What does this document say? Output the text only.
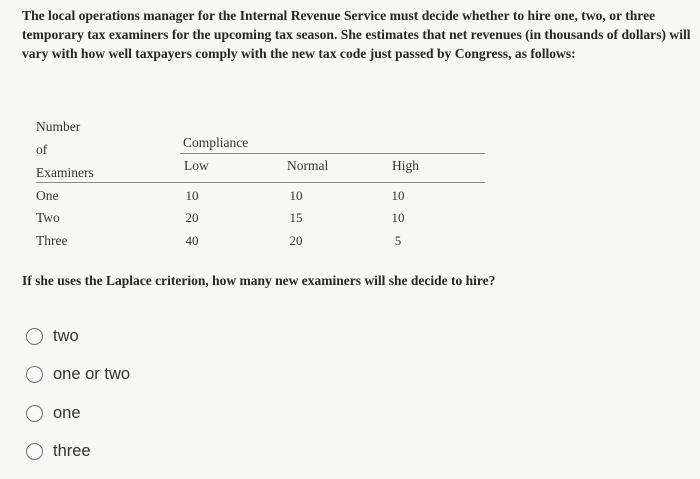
The local operations manager for the Internal Revenue Service must decide whether to hire one, two, or three temporary tax examiners for the upcoming tax season. She estimates that net revenues (in thousands of dollars) will vary with how well taxpayers comply with the new tax code just passed by Congress, as follows:
Number
of
Examiners
Compliance
Low	Normal	High
One	10	10	10
Two	20	15	10
Three	40	20	5
If she uses the Laplace criterion, how many new examiners will she decide to hire?
two
one or two
one
three
